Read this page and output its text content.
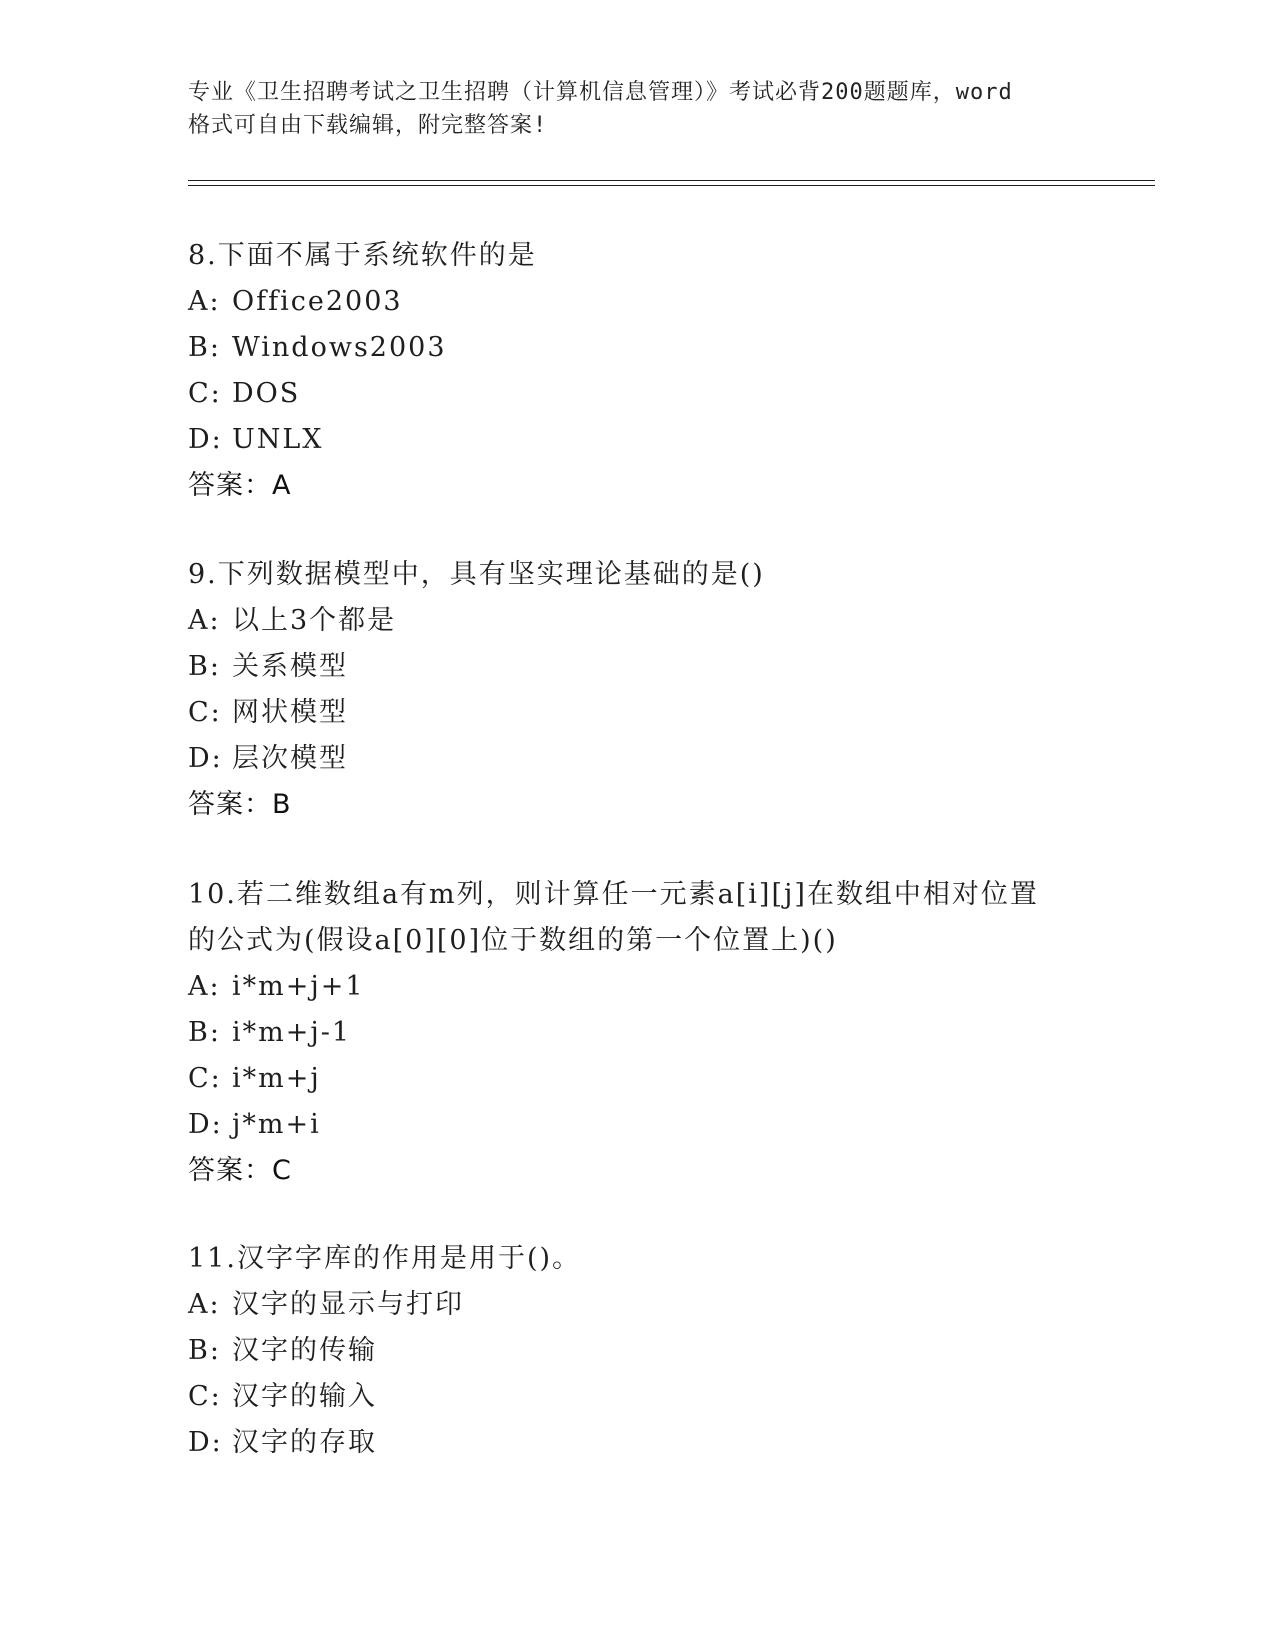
专业《卫生招聘考试之卫生招聘（计算机信息管理）》考试必背200题题库，word
格式可自由下载编辑，附完整答案!

8.下面不属于系统软件的是

A: Office2003

B: Windows2003

C: DOS

D: UNLX

答案：A

9.下列数据模型中，具有坚实理论基础的是()

A: 以上3个都是

B: 关系模型

C: 网状模型

D: 层次模型

答案：B

10.若二维数组a有m列，则计算任一元素a[i][j]在数组中相对位置

的公式为(假设a[0][0]位于数组的第一个位置上)()

A: i*m+j+1

B: i*m+j-1

C: i*m+j

D: j*m+i

答案：C

11.汉字字库的作用是用于()。

A: 汉字的显示与打印

B: 汉字的传输

C: 汉字的输入

D: 汉字的存取
